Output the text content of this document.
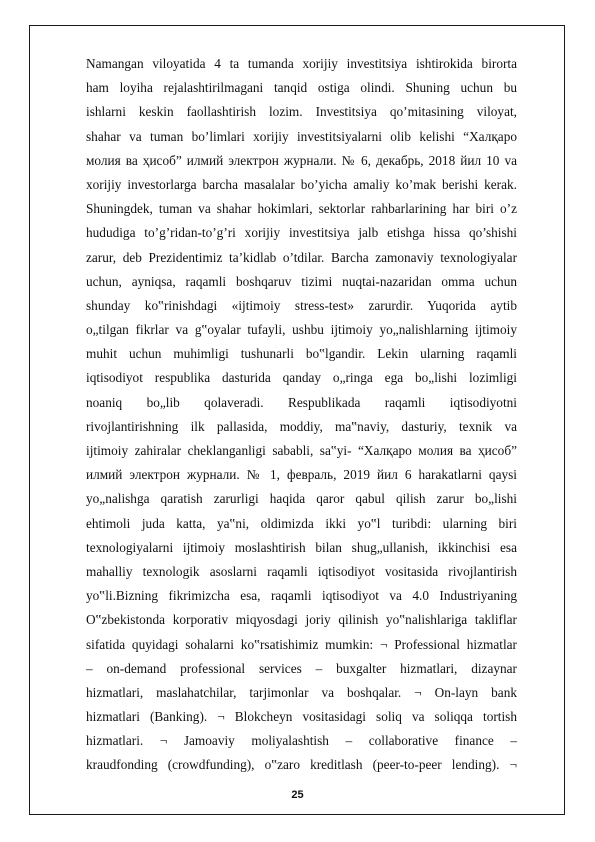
Namangan viloyatida 4 ta tumanda xorijiy investitsiya ishtirokida birorta
ham loyiha rejalashtirilmagani tanqid ostiga olindi. Shuning uchun bu
ishlarni keskin faollashtirish lozim. Investitsiya qo’mitasining viloyat,
shahar va tuman bo’limlari xorijiy investitsiyalarni olib kelishi “Халқаро
молия ва ҳисоб” илмий электрон журнали. № 6, декабрь, 2018 йил 10 va
xorijiy investorlarga barcha masalalar bo’yicha amaliy ko’mak berishi kerak.
Shuningdek, tuman va shahar hokimlari, sektorlar rahbarlarining har biri o’z
hududiga to’g’ridan-to’g’ri xorijiy investitsiya jalb etishga hissa qo’shishi
zarur, deb Prezidentimiz ta’kidlab o’tdilar. Barcha zamonaviy texnologiyalar
uchun, ayniqsa, raqamli boshqaruv tizimi nuqtai-nazaridan omma uchun
shunday ko‟rinishdagi «ijtimoiy stress-test» zarurdir. Yuqorida aytib
o„tilgan fikrlar va g‟oyalar tufayli, ushbu ijtimoiy yo„nalishlarning ijtimoiy
muhit uchun muhimligi tushunarli bo‟lgandir. Lekin ularning raqamli
iqtisodiyot respublika dasturida qanday o„ringa ega bo„lishi lozimligi
noaniq bo„lib qolaveradi. Respublikada raqamli iqtisodiyotni
rivojlantirishning ilk pallasida, moddiy, ma‟naviy, dasturiy, texnik va
ijtimoiy zahiralar cheklanganligi sababli, sa‟yi- “Халқаро молия ва ҳисоб”
илмий электрон журнали. № 1, февраль, 2019 йил 6 harakatlarni qaysi
yo„nalishga qaratish zarurligi haqida qaror qabul qilish zarur bo„lishi
ehtimoli juda katta, ya‟ni, oldimizda ikki yo‟l turibdi: ularning biri
texnologiyalarni ijtimoiy moslashtirish bilan shug„ullanish, ikkinchisi esa
mahalliy texnologik asoslarni raqamli iqtisodiyot vositasida rivojlantirish
yo‟li.Bizning fikrimizcha esa, raqamli iqtisodiyot va 4.0 Industriyaning
O‟zbekistonda korporativ miqyosdagi joriy qilinish yo‟nalishlariga takliflar
sifatida quyidagi sohalarni ko‟rsatishimiz mumkin: ¬ Professional hizmatlar
– on-demand professional services – buxgalter hizmatlari, dizaynar
hizmatlari, maslahatchilar, tarjimonlar va boshqalar. ¬ On-layn bank
hizmatlari (Banking). ¬ Blokcheyn vositasidagi soliq va soliqqa tortish
hizmatlari. ¬ Jamoaviy moliyalashtish – collaborative finance –
kraudfonding (crowdfunding), o‟zaro kreditlash (peer-to-peer lending). ¬
25
